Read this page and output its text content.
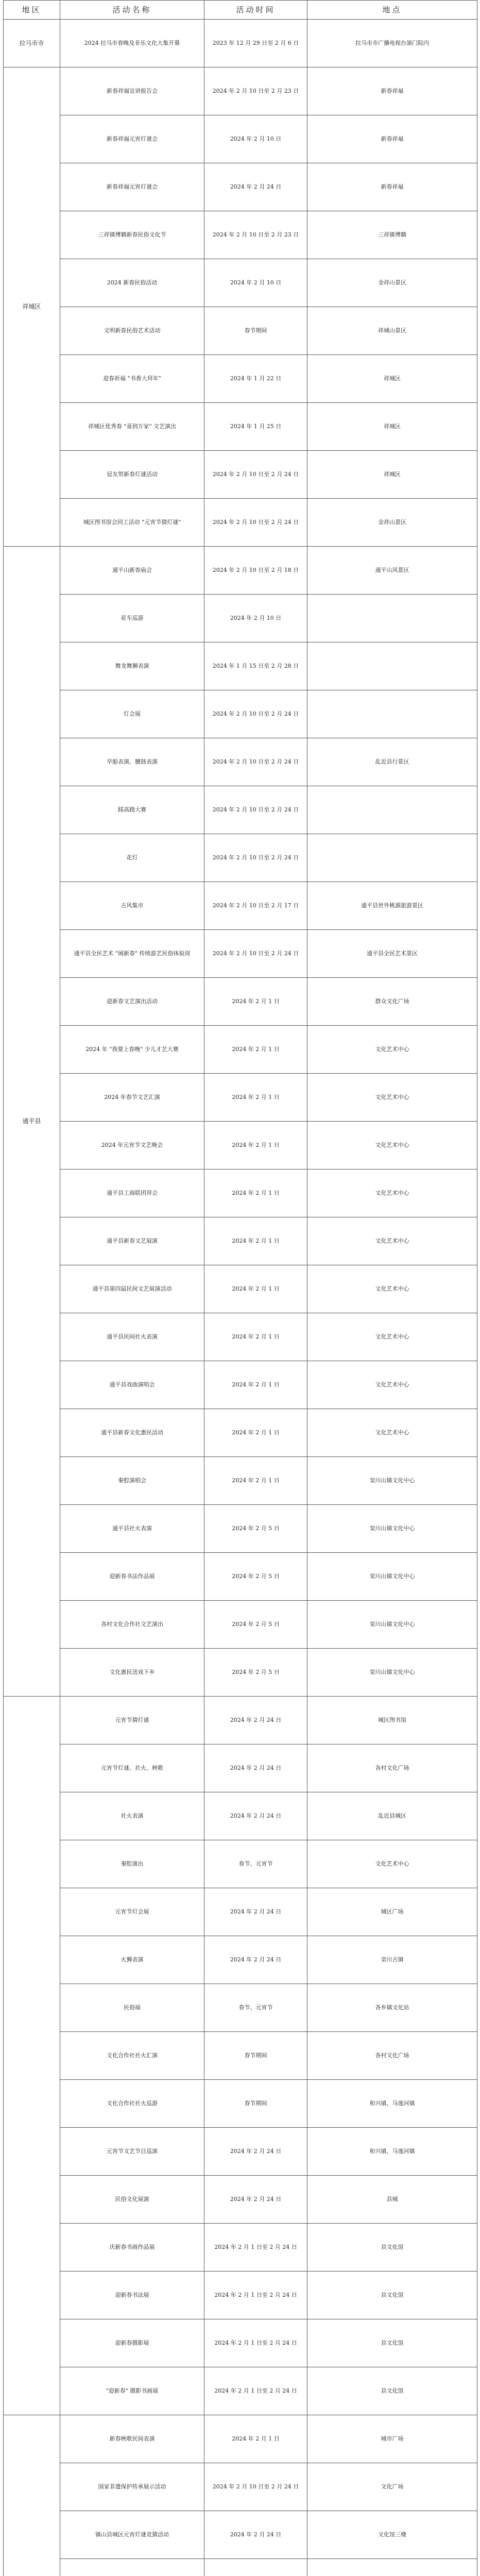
地区	活动名称	活动时间	地点
拉马市市	2024 拉马市春晚及非乐文化大集开幕	2023 年 12 月 29 日至 2 月 6 日	拉马市市广播电视台演门院内
祥城区	新春祥福宣讲报告会	2024 年 2 月 10 日至 2 月 23 日	新春祥福
	新春祥福元宵灯谜会	2024 年 2 月 10 日	新春祥福
	新春祥福元宵灯谜会	2024 年 2 月 24 日	新春祥福
	三祥镇博籍新春民俗文化节	2024 年 2 月 10 日至 2 月 23 日	三祥镇博籍
	2024 新春民俗活动	2024 年 2 月 10 日	金祥山景区
	文明新春民俗艺术活动	春节期间	祥城山景区
	迎春祈福 "书香大拜年"	2024 年 1 月 22 日	祥城区
	祥城区优秀春 "喜到万家" 文艺演出	2024 年 1 月 25 日	祥城区
	冠友贺新春灯谜活动	2024 年 2 月 10 日至 2 月 24 日	祥城区
	城区图书馆会同工活动 "元宵节猜灯谜"	2024 年 2 月 10 日至 2 月 24 日	金祥山景区
通平县	通平山新春庙会	2024 年 2 月 10 日至 2 月 18 日	通平山风景区
	花车巡游	2024 年 2 月 10 日	
	舞龙舞狮表演	2024 年 1 月 15 日至 2 月 28 日	
	灯会展	2024 年 2 月 10 日至 2 月 24 日	
	旱船表演、腰鼓表演	2024 年 2 月 10 日至 2 月 24 日	乱近县行景区
	踩高跷大赛	2024 年 2 月 10 日至 2 月 24 日	
	花灯	2024 年 2 月 10 日至 2 月 24 日	
	古风集市	2024 年 2 月 10 日至 2 月 17 日	通平县世外桃源旅游景区
	通平县全民艺术 "闹新春" 传统游艺民俗体验周	2024 年 2 月 10 日至 2 月 24 日	通平县全民艺术景区
	迎新春文艺演出活动	2024 年 2 月 1 日	群众文化广场
	2024 年 "我要上春晚" 少儿才艺大赛	2024 年 2 月 1 日	文化艺术中心
	2024 年春节文艺汇演	2024 年 2 月 1 日	文化艺术中心
	2024 年元宵节文艺晚会	2024 年 2 月 1 日	文化艺术中心
	通平县工商联团拜会	2024 年 2 月 1 日	文化艺术中心
	通平县新春文艺展演	2024 年 2 月 1 日	文化艺术中心
	通平县第四届民间文艺展演活动	2024 年 2 月 1 日	文化艺术中心
	通平县民间社火表演	2024 年 2 月 1 日	文化艺术中心
	通平县戏曲演唱会	2024 年 2 月 1 日	文化艺术中心
	通平县新春文化惠民活动	2024 年 2 月 1 日	文化艺术中心
	秦腔演唱会	2024 年 2 月 1 日	栾川山镇文化中心
	通平县社火表演	2024 年 2 月 5 日	栾川山镇文化中心
	迎新春书法作品展	2024 年 2 月 5 日	栾川山镇文化中心
	各村文化合作社文艺演出	2024 年 2 月 5 日	栾川山镇文化中心
	文化惠民送戏下乡	2024 年 2 月 5 日	栾川山镇文化中心
	元宵节猜灯谜	2024 年 2 月 24 日	城区图书馆
	元宵节灯谜、社火、秧歌	2024 年 2 月 24 日	各村文化广场
	社火表演	2024 年 2 月 24 日	乱近县城区
	秦腔演出	春节、元宵节	文化艺术中心
	元宵节灯会展	2024 年 2 月 24 日	城区广场
	火狮表演	2024 年 2 月 24 日	栾川古镇
	民俗展	春节、元宵节	各乡镇文化站
	文化合作社社火汇演	春节期间	各村文化广场
	文化合作社社火巡游	春节期间	和兴镇、马莲河镇
	元宵节文艺节目巡演	2024 年 2 月 24 日	和兴镇、马莲河镇
	民俗文化展演	2024 年 2 月 24 日	县城
	庆新春书画作品展	2024 年 2 月 1 日至 2 月 24 日	县文化馆
	迎新春书法展	2024 年 2 月 1 日至 2 月 24 日	县文化馆
	迎新春摄影展	2024 年 2 月 1 日至 2 月 24 日	县文化馆
	"迎新春" 摄影书画展	2024 年 2 月 1 日至 2 月 24 日	县文化馆
	新春秧歌民间表演	2024 年 2 月 1 日	城市广场
	国家非遗保护传承展示活动	2024 年 2 月 10 日至 2 月 24 日	文化广场
	镇山县城区元宵灯谜竞猜活动	2024 年 2 月 24 日	文化馆三楼
